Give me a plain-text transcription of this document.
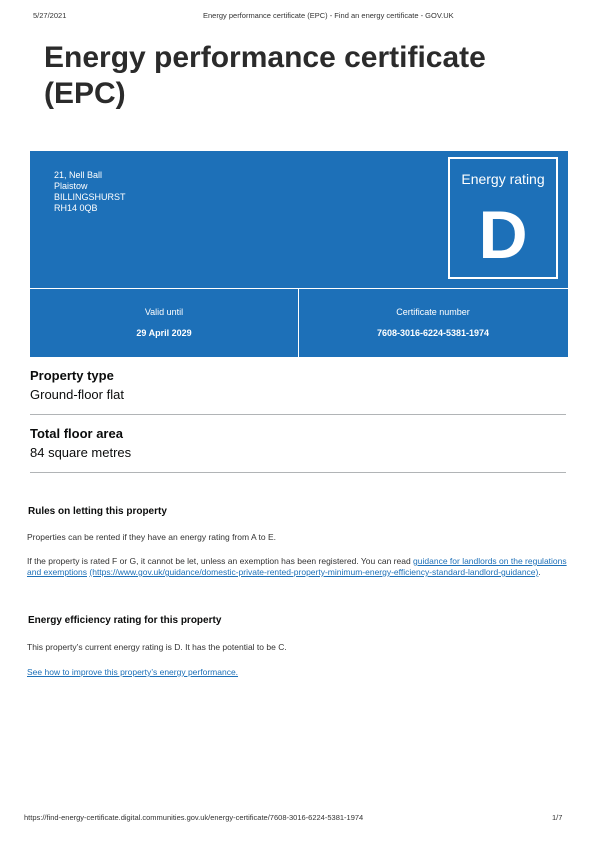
5/27/2021	Energy performance certificate (EPC) - Find an energy certificate - GOV.UK
Energy performance certificate (EPC)
21, Nell Ball
Plaistow
BILLINGSHURST
RH14 0QB
Energy rating
D
Valid until
29 April 2029
Certificate number
7608-3016-6224-5381-1974
Property type
Ground-floor flat
Total floor area
84 square metres
Rules on letting this property
Properties can be rented if they have an energy rating from A to E.
If the property is rated F or G, it cannot be let, unless an exemption has been registered. You can read guidance for landlords on the regulations and exemptions (https://www.gov.uk/guidance/domestic-private-rented-property-minimum-energy-efficiency-standard-landlord-guidance).
Energy efficiency rating for this property
This property’s current energy rating is D. It has the potential to be C.
See how to improve this property’s energy performance.
https://find-energy-certificate.digital.communities.gov.uk/energy-certificate/7608-3016-6224-5381-1974	1/7
